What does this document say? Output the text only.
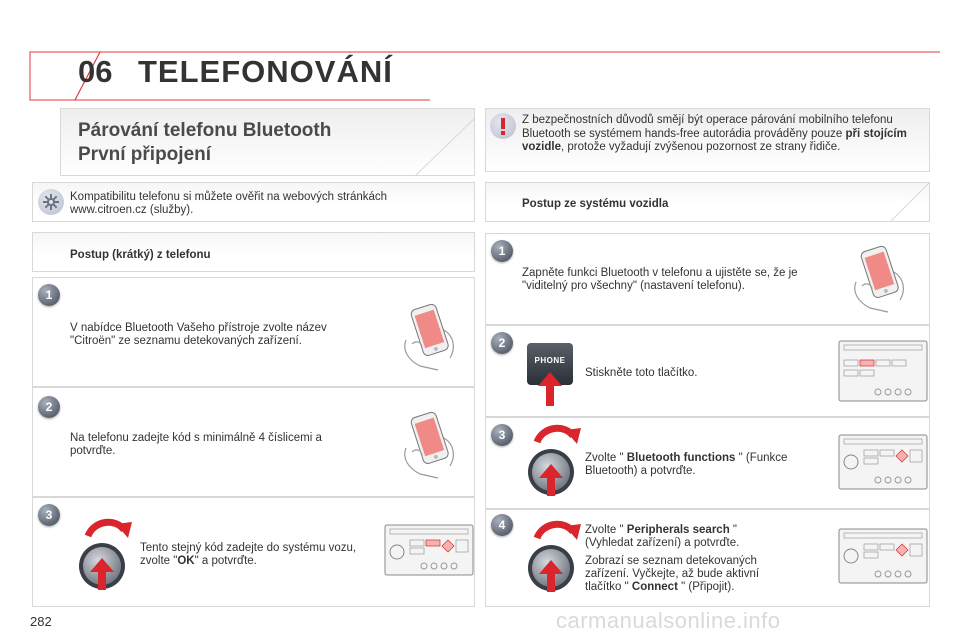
06 TELEFONOVÁNÍ
Párování telefonu Bluetooth
První připojení
Kompatibilitu telefonu si můžete ověřit na webových stránkách www.citroen.cz (služby).
Postup (krátký) z telefonu
1
V nabídce Bluetooth Vašeho přístroje zvolte název "Citroën" ze seznamu detekovaných zařízení.
2
Na telefonu zadejte kód s minimálně 4 číslicemi a potvrďte.
3
Tento stejný kód zadejte do systému vozu, zvolte "OK" a potvrďte.
Z bezpečnostních důvodů smějí být operace párování mobilního telefonu Bluetooth se systémem hands-free autorádia prováděny pouze při stojícím vozidle, protože vyžadují zvýšenou pozornost ze strany řidiče.
Postup ze systému vozidla
1
Zapněte funkci Bluetooth v telefonu a ujistěte se, že je "viditelný pro všechny" (nastavení telefonu).
2
PHONE
Stiskněte toto tlačítko.
3
Zvolte " Bluetooth functions " (Funkce Bluetooth) a potvrďte.
4	Zvolte " Peripherals search " (Vyhledat zařízení) a potvrďte.
Zobrazí se seznam detekovaných zařízení. Vyčkejte, až bude aktivní tlačítko " Connect " (Připojit).
282	carmanualsonline.info
